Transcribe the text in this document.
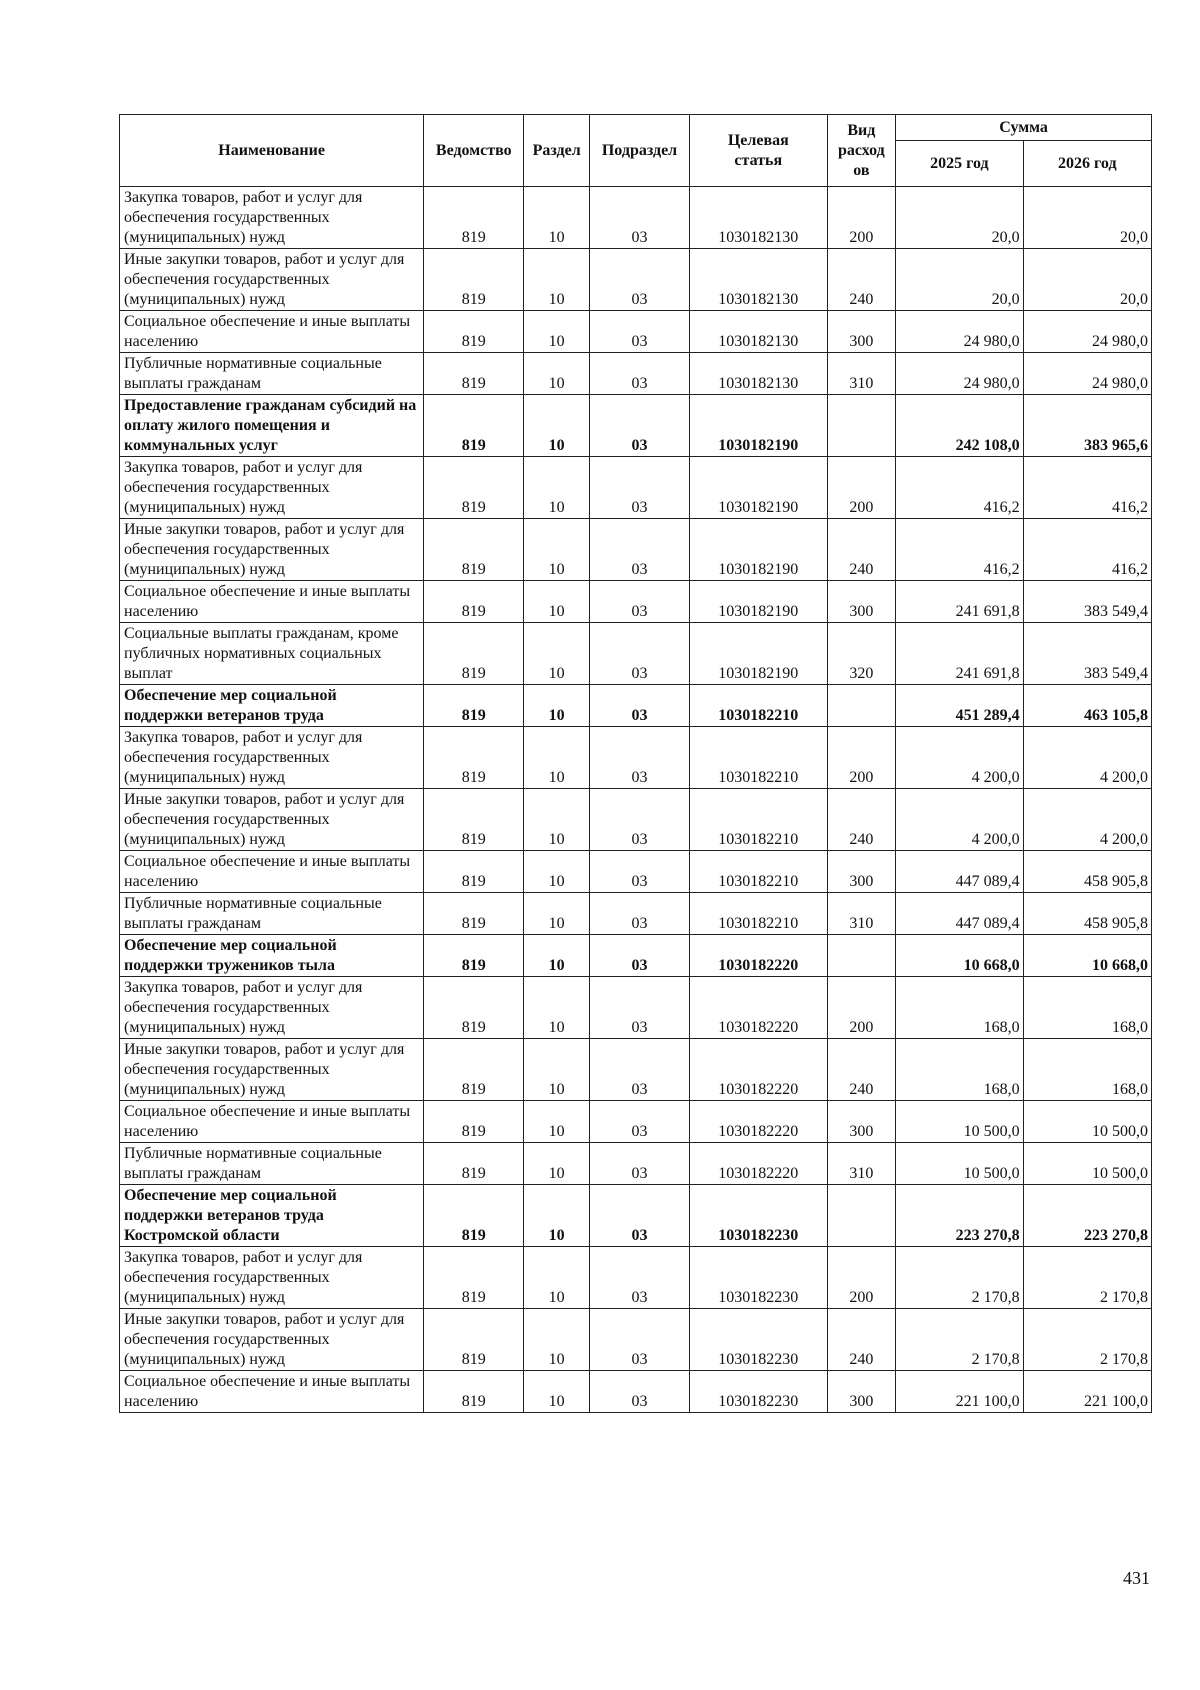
Наименование	Ведомство	Раздел	Подраздел	Целевая статья	Вид расход ов	Сумма	
						2025 год	2026 год
Закупка товаров, работ и услуг для обеспечения государственных (муниципальных) нужд	819	10	03	1030182130	200	20,0	20,0
Иные закупки товаров, работ и услуг для обеспечения государственных (муниципальных) нужд	819	10	03	1030182130	240	20,0	20,0
Социальное обеспечение и иные выплаты населению	819	10	03	1030182130	300	24 980,0	24 980,0
Публичные нормативные социальные выплаты гражданам	819	10	03	1030182130	310	24 980,0	24 980,0
Предоставление гражданам субсидий на оплату жилого помещения и коммунальных услуг	819	10	03	1030182190		242 108,0	383 965,6
Закупка товаров, работ и услуг для обеспечения государственных (муниципальных) нужд	819	10	03	1030182190	200	416,2	416,2
Иные закупки товаров, работ и услуг для обеспечения государственных (муниципальных) нужд	819	10	03	1030182190	240	416,2	416,2
Социальное обеспечение и иные выплаты населению	819	10	03	1030182190	300	241 691,8	383 549,4
Социальные выплаты гражданам, кроме публичных нормативных социальных выплат	819	10	03	1030182190	320	241 691,8	383 549,4
Обеспечение мер социальной поддержки ветеранов труда	819	10	03	1030182210		451 289,4	463 105,8
Закупка товаров, работ и услуг для обеспечения государственных (муниципальных) нужд	819	10	03	1030182210	200	4 200,0	4 200,0
Иные закупки товаров, работ и услуг для обеспечения государственных (муниципальных) нужд	819	10	03	1030182210	240	4 200,0	4 200,0
Социальное обеспечение и иные выплаты населению	819	10	03	1030182210	300	447 089,4	458 905,8
Публичные нормативные социальные выплаты гражданам	819	10	03	1030182210	310	447 089,4	458 905,8
Обеспечение мер социальной поддержки тружеников тыла	819	10	03	1030182220		10 668,0	10 668,0
Закупка товаров, работ и услуг для обеспечения государственных (муниципальных) нужд	819	10	03	1030182220	200	168,0	168,0
Иные закупки товаров, работ и услуг для обеспечения государственных (муниципальных) нужд	819	10	03	1030182220	240	168,0	168,0
Социальное обеспечение и иные выплаты населению	819	10	03	1030182220	300	10 500,0	10 500,0
Публичные нормативные социальные выплаты гражданам	819	10	03	1030182220	310	10 500,0	10 500,0
Обеспечение мер социальной поддержки ветеранов труда Костромской области	819	10	03	1030182230		223 270,8	223 270,8
Закупка товаров, работ и услуг для обеспечения государственных (муниципальных) нужд	819	10	03	1030182230	200	2 170,8	2 170,8
Иные закупки товаров, работ и услуг для обеспечения государственных (муниципальных) нужд	819	10	03	1030182230	240	2 170,8	2 170,8
Социальное обеспечение и иные выплаты населению	819	10	03	1030182230	300	221 100,0	221 100,0
431
